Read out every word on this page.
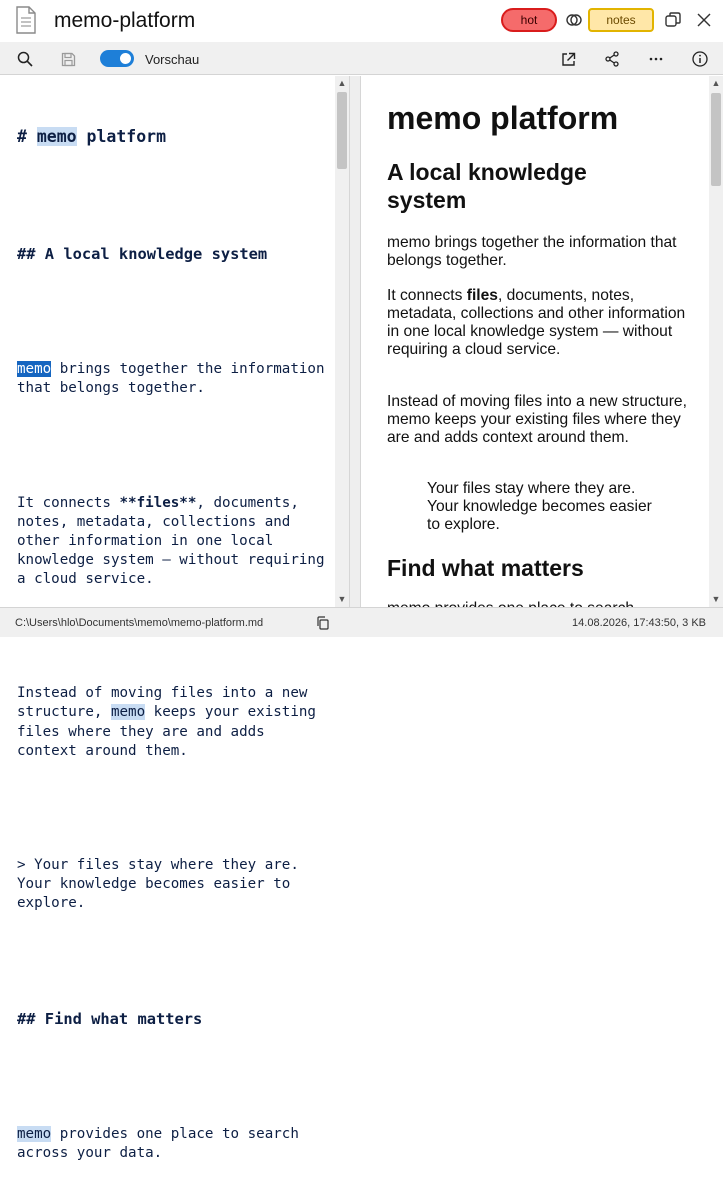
memo-platform	hot	notes
Vorschau

# memo platform

## A local knowledge system

memo brings together the information that belongs together.

It connects **files**, documents, notes, metadata, collections and other information in one local knowledge system — without requiring a cloud service.

Instead of moving files into a new structure, memo keeps your existing files where they are and adds context around them.

> Your files stay where they are. Your knowledge becomes easier to explore.

## Find what matters

memo provides one place to search across your data.

▲
▼
memo platform
A local knowledge system
memo brings together the information that belongs together.
It connects files, documents, notes, metadata, collections and other information in one local knowledge system — without requiring a cloud service.
Instead of moving files into a new structure, memo keeps your existing files where they are and adds context around them.
Your files stay where they are. Your knowledge becomes easier to explore.
Find what matters
▲
▼
C:\Users\hlo\Documents\memo\memo-platform.md	14.08.2026, 17:43:50, 3 KB
